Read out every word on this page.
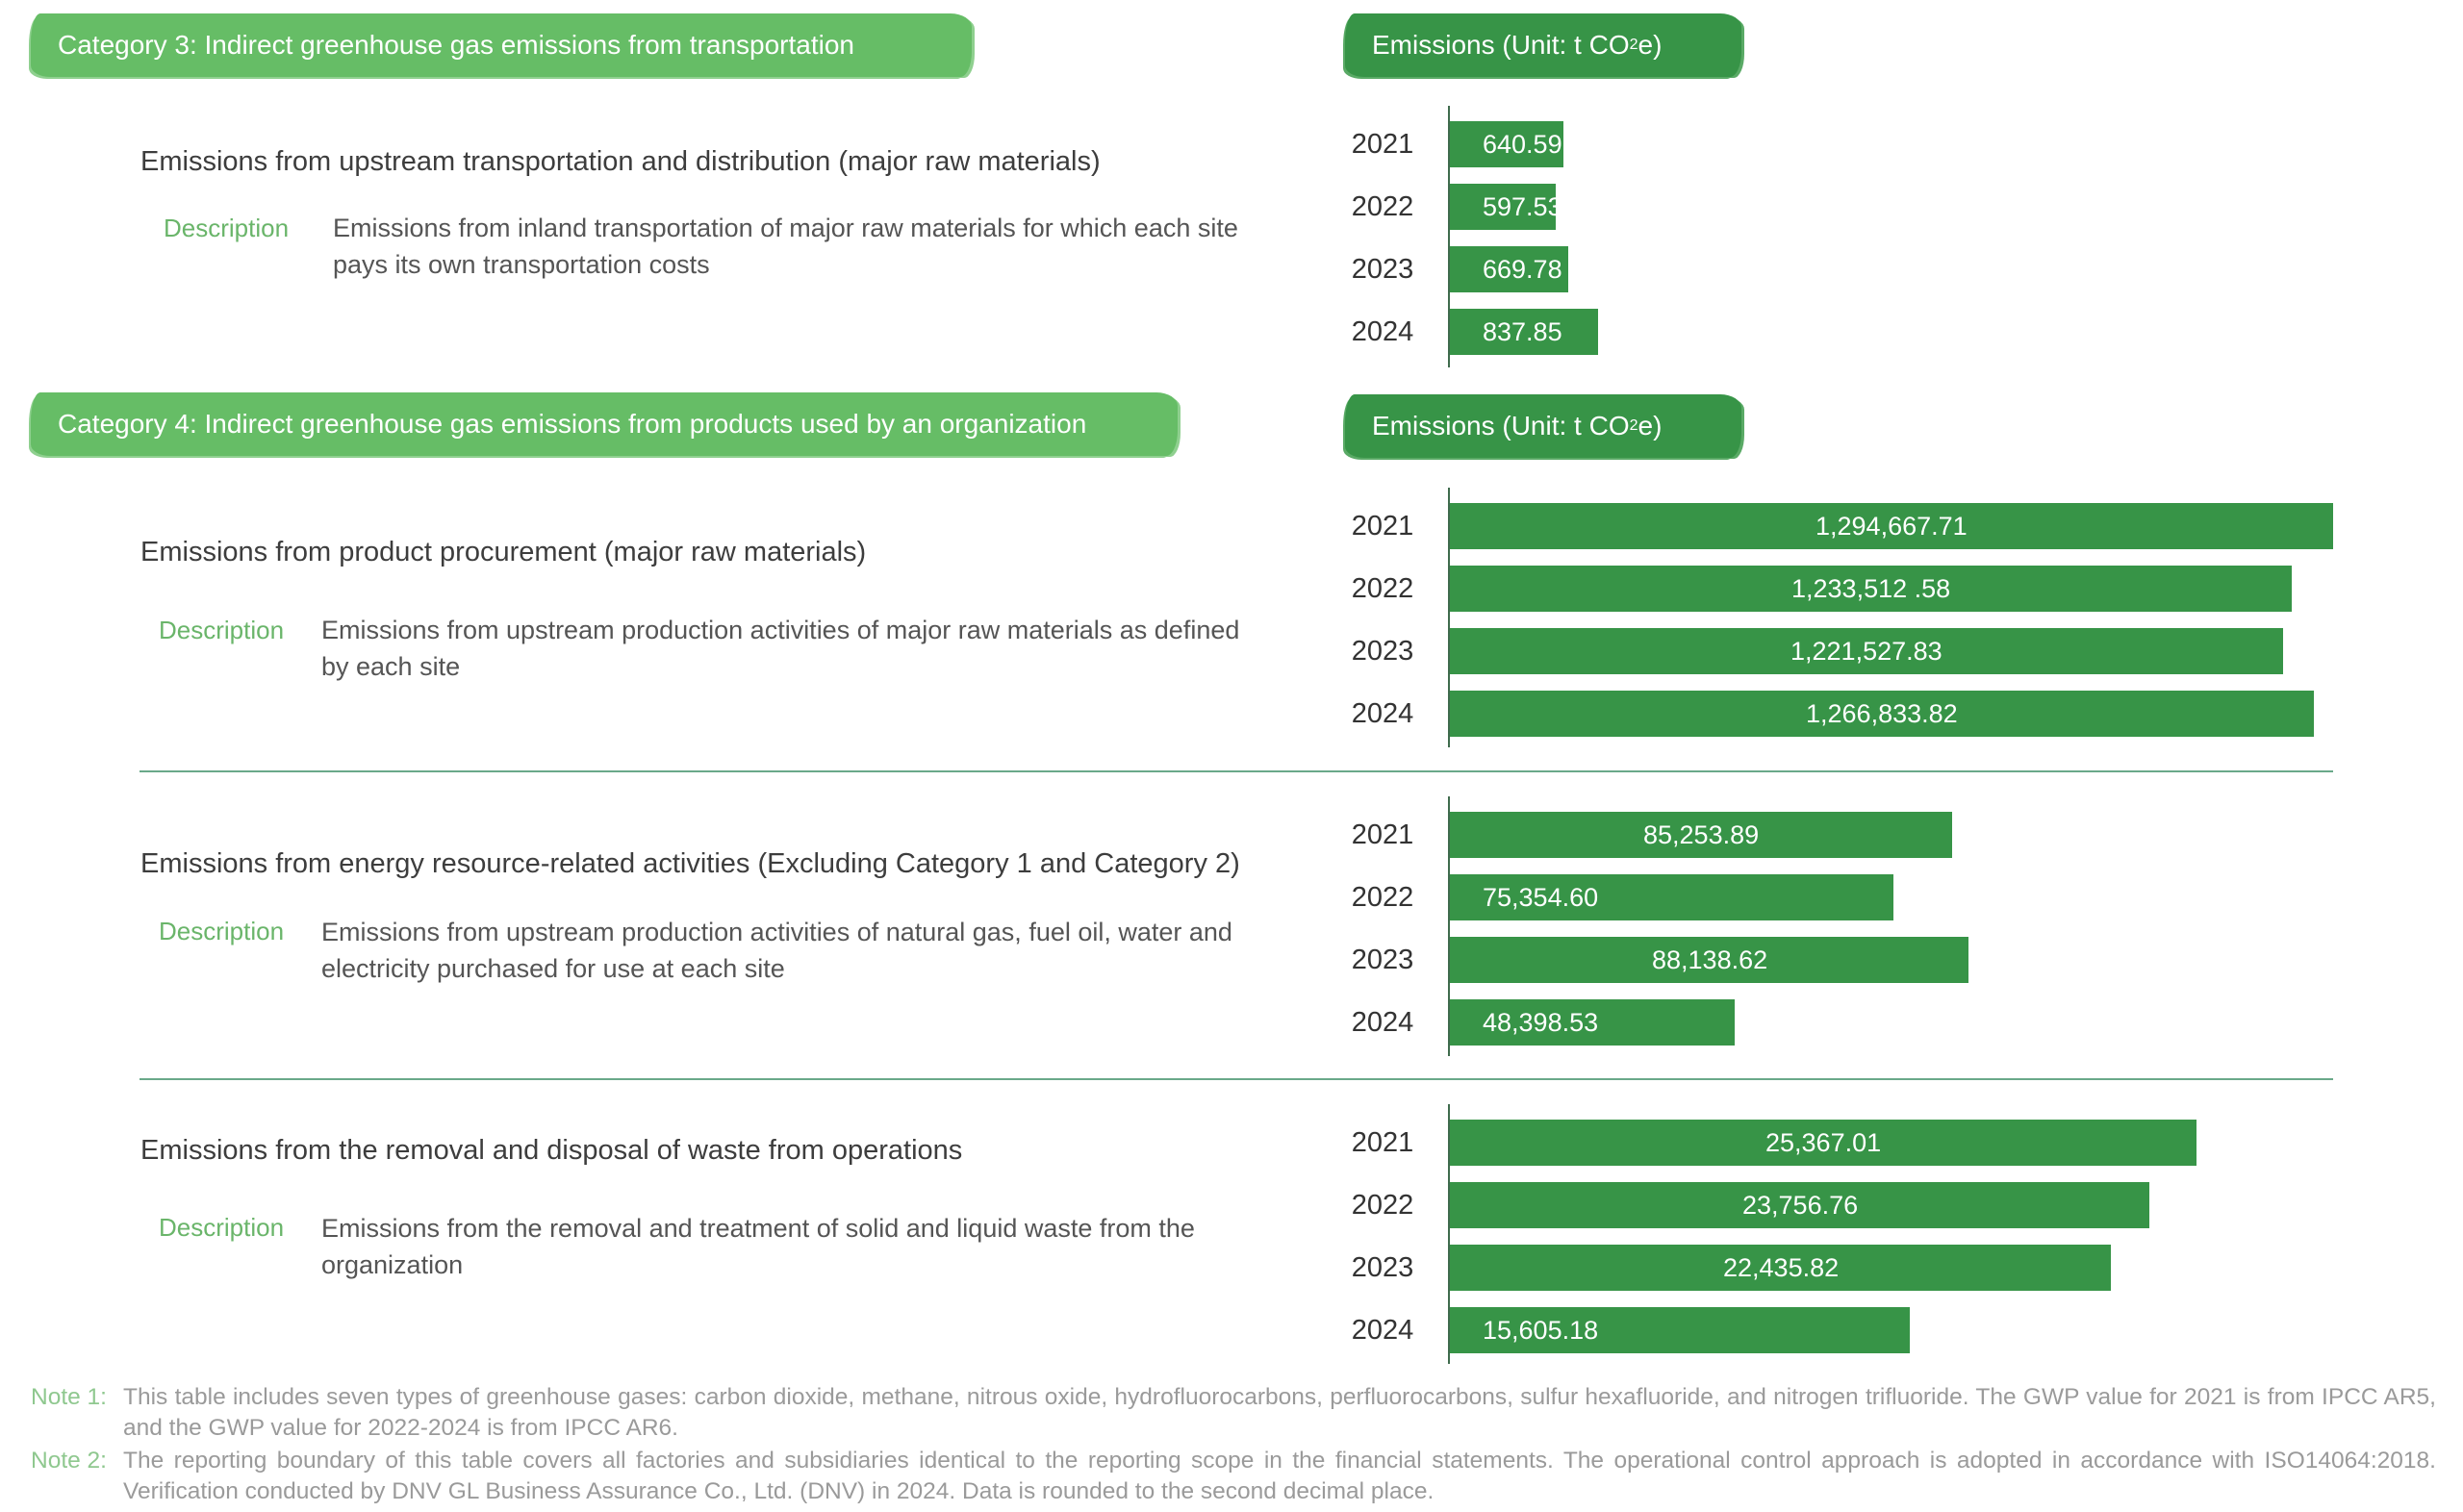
Category 3: Indirect greenhouse gas emissions from transportation	Emissions (Unit: t CO 2 e)
Emissions from upstream transportation and distribution (major raw materials)
Description Emissions from inland transportation of major raw materials for which each site pays its own transportation costs
2021	640.59
2022	597.53
2023	669.78
2024	837.85
Category 4: Indirect greenhouse gas emissions from products used by an organization	Emissions (Unit: t CO 2 e)
Emissions from product procurement (major raw materials)
Description Emissions from upstream production activities of major raw materials as defined by each site
2021	1,294,667.71
2022	1,233,512 .58
2023	1,221,527.83
2024	1,266,833.82
Emissions from energy resource-related activities (Excluding Category 1 and Category 2)
Description Emissions from upstream production activities of natural gas, fuel oil, water and electricity purchased for use at each site
2021	85,253.89
2022	75,354.60
2023	88,138.62
2024	48,398.53
Emissions from the removal and disposal of waste from operations
Description Emissions from the removal and treatment of solid and liquid waste from the organization
2021	25,367.01
2022	23,756.76
2023	22,435.82
2024	15,605.18
Note 1: This table includes seven types of greenhouse gases: carbon dioxide, methane, nitrous oxide, hydrofluorocarbons, perfluorocarbons, sulfur hexafluoride, and nitrogen trifluoride. The GWP value for 2021 is from IPCC AR5, and the GWP value for 2022-2024 is from IPCC AR6.
Note 2: The reporting boundary of this table covers all factories and subsidiaries identical to the reporting scope in the financial statements. The operational control approach is adopted in accordance with ISO14064:2018. Verification conducted by DNV GL Business Assurance Co., Ltd. (DNV) in 2024. Data is rounded to the second decimal place.
